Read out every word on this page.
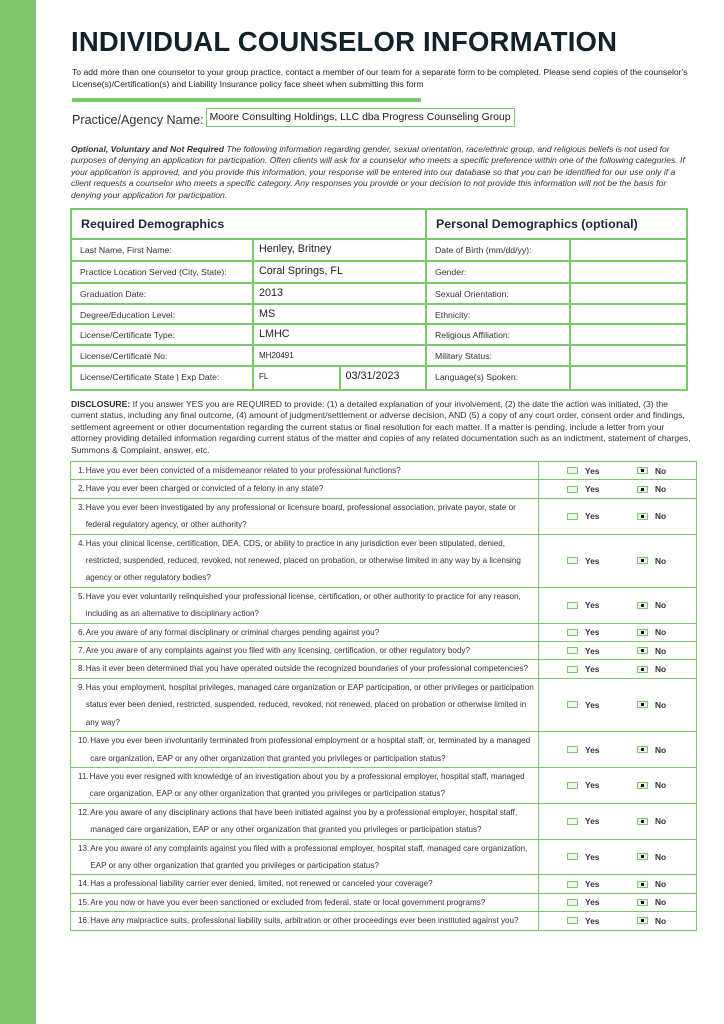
INDIVIDUAL COUNSELOR INFORMATION

To add more than one counselor to your group practice, contact a member of our team for a separate form to be completed. Please send copies of the counselor's License(s)/Certification(s) and Liability Insurance policy face sheet when submitting this form

Practice/Agency Name: Moore Consulting Holdings, LLC dba Progress Counseling Group

Optional, Voluntary and Not Required The following information regarding gender, sexual orientation, race/ethnic group, and religious beliefs is not used for purposes of denying an application for participation. Often clients will ask for a counselor who meets a specific preference within one of the following categories. If your application is approved, and you provide this information, your response will be entered into our database so that you can be identified for our use only if a client requests a counselor who meets a specific category. Any responses you provide or your decision to not provide this information will not be the basis for denying your application for participation.

Required Demographics
Last Name, First Name:	Henley, Britney
Practice Location Served (City, State):	Coral Springs, FL
Graduation Date:	2013
Degree/Education Level:	MS
License/Certificate Type:	LMHC
License/Certificate No:	MH20491
License/Certificate State | Exp Date:	FL	03/31/2023
Personal Demographics (optional)
Date of Birth (mm/dd/yy):
Gender:
Sexual Orientation:
Ethnicity:
Religious Affiliation:
Military Status:
Language(s) Spoken:

DISCLOSURE: If you answer YES you are REQUIRED to provide: (1) a detailed explanation of your involvement, (2) the date the action was initiated, (3) the current status, including any final outcome, (4) amount of judgment/settlement or adverse decision, AND (5) a copy of any court order, consent order and findings, settlement agreement or other documentation regarding the current status or final resolution for each matter. If a matter is pending, include a letter from your attorney providing detailed information regarding current status of the matter and copies of any related documentation such as an indictment, statement of charges, Summons & Complaint, answer, etc.

1. Have you ever been convicted of a misdemeanor related to your professional functions?	Yes	No
2. Have you ever been charged or convicted of a felony in any state?	Yes	No
3. Have you ever been investigated by any professional or licensure board, professional association, private payor, state or federal regulatory agency, or other authority?
Yes	No
4. Has your clinical license, certification, DEA, CDS, or ability to practice in any jurisdiction ever been stipulated, denied, restricted, suspended, reduced, revoked, not renewed, placed on probation, or otherwise limited in any way by a licensing agency or other regulatory bodies?
Yes	No
5. Have you ever voluntarily relinquished your professional license, certification, or other authority to practice for any reason, including as an alternative to disciplinary action?
Yes	No
6. Are you aware of any formal disciplinary or criminal charges pending against you?	Yes	No
7. Are you aware of any complaints against you filed with any licensing, certification, or other regulatory body?	Yes	No
8. Has it ever been determined that you have operated outside the recognized boundaries of your professional competencies?	Yes	No
9. Has your employment, hospital privileges, managed care organization or EAP participation, or other privileges or participation status ever been denied, restricted, suspended, reduced, revoked, not renewed, placed on probation or otherwise limited in any way?
Yes	No
10. Have you ever been involuntarily terminated from professional employment or a hospital staff, or, terminated by a managed care organization, EAP or any other organization that granted you privileges or participation status?
Yes	No
11. Have you ever resigned with knowledge of an investigation about you by a professional employer, hospital staff, managed care organization, EAP or any other organization that granted you privileges or participation status?
Yes	No
12. Are you aware of any disciplinary actions that have been initiated against you by a professional employer, hospital staff, managed care organization, EAP or any other organization that granted you privileges or participation status?
Yes	No
13. Are you aware of any complaints against you filed with a professional employer, hospital staff, managed care organization, EAP or any other organization that granted you privileges or participation status?
Yes	No
14. Has a professional liability carrier ever denied, limited, not renewed or canceled your coverage?	Yes	No
15. Are you now or have you ever been sanctioned or excluded from federal, state or local government programs?	Yes	No
16. Have any malpractice suits, professional liability suits, arbitration or other proceedings ever been instituted against you?	Yes	No
